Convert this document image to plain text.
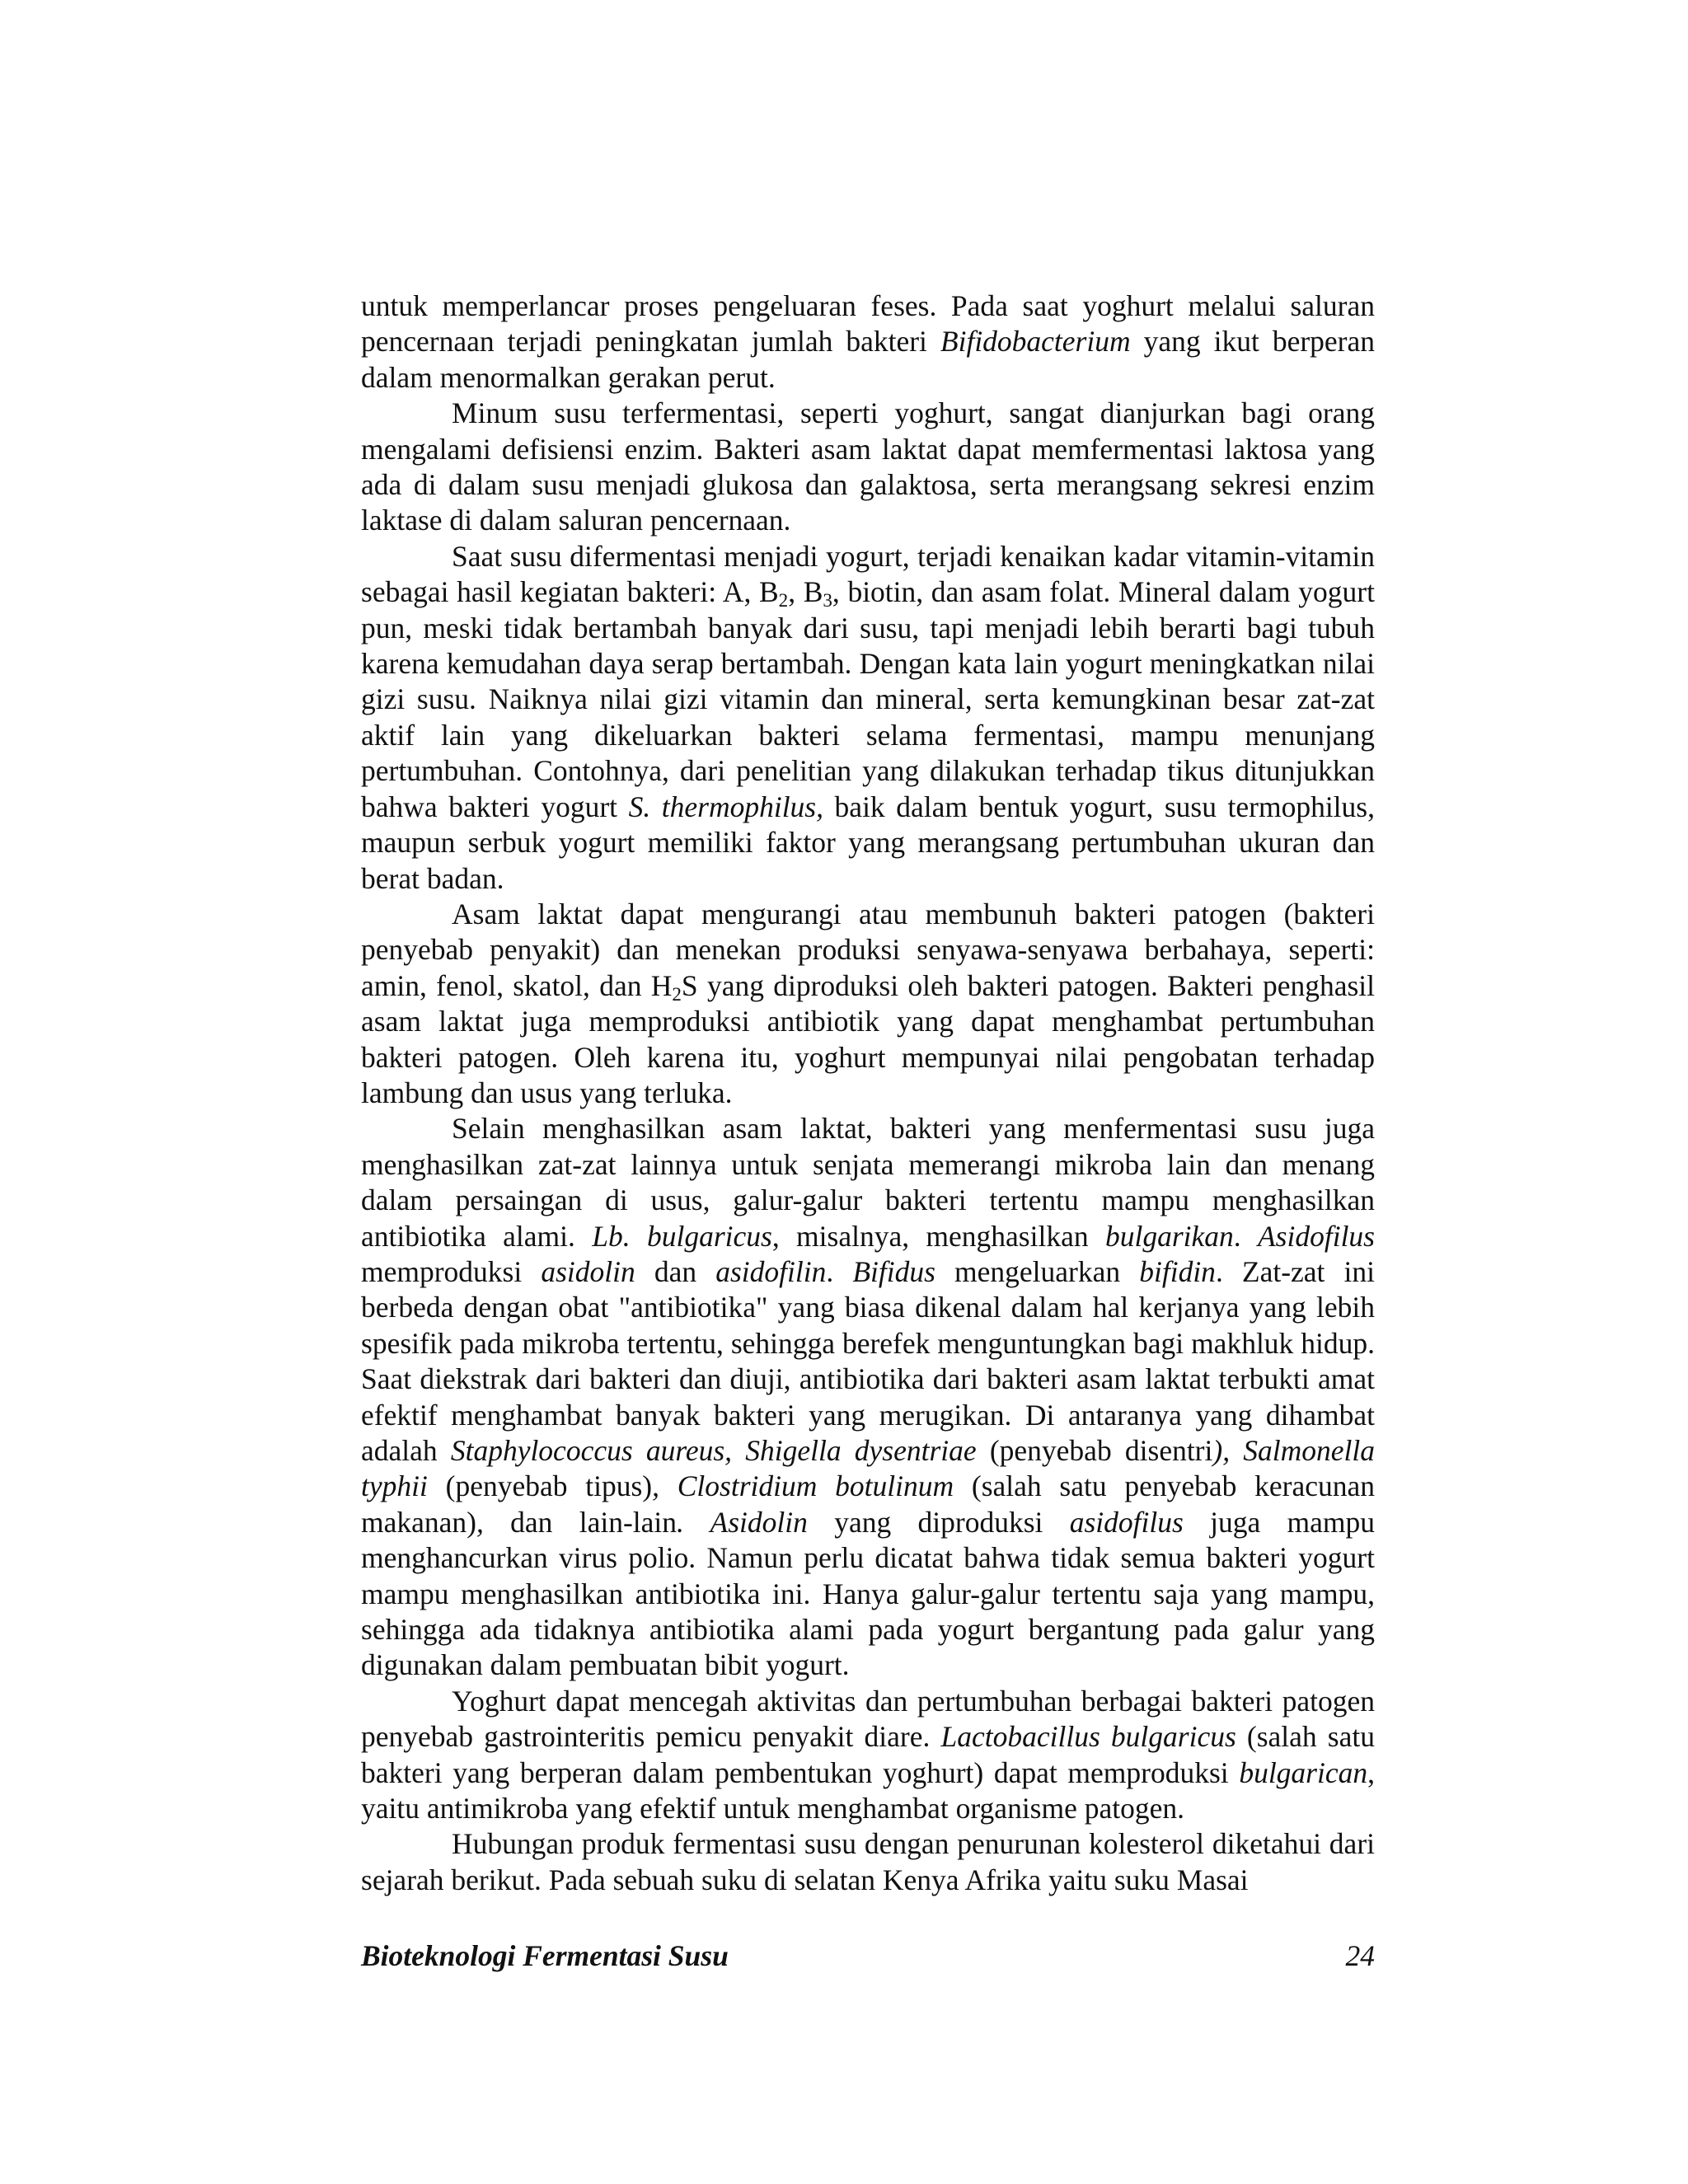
untuk memperlancar proses pengeluaran feses. Pada saat yoghurt melalui saluran pencernaan terjadi peningkatan jumlah bakteri Bifidobacterium yang ikut berperan dalam menormalkan gerakan perut.

Minum susu terfermentasi, seperti yoghurt, sangat dianjurkan bagi orang mengalami defisiensi enzim. Bakteri asam laktat dapat memfermentasi laktosa yang ada di dalam susu menjadi glukosa dan galaktosa, serta merangsang sekresi enzim laktase di dalam saluran pencernaan.

Saat susu difermentasi menjadi yogurt, terjadi kenaikan kadar vitamin-vitamin sebagai hasil kegiatan bakteri: A, $B_2$, $B_3$, biotin, dan asam folat. Mineral dalam yogurt pun, meski tidak bertambah banyak dari susu, tapi menjadi lebih berarti bagi tubuh karena kemudahan daya serap bertambah. Dengan kata lain yogurt meningkatkan nilai gizi susu. Naiknya nilai gizi vitamin dan mineral, serta kemungkinan besar zat-zat aktif lain yang dikeluarkan bakteri selama fermentasi, mampu menunjang pertumbuhan. Contohnya, dari penelitian yang dilakukan terhadap tikus ditunjukkan bahwa bakteri yogurt S. thermophilus, baik dalam bentuk yogurt, susu termophilus, maupun serbuk yogurt memiliki faktor yang merangsang pertumbuhan ukuran dan berat badan.

Asam laktat dapat mengurangi atau membunuh bakteri patogen (bakteri penyebab penyakit) dan menekan produksi senyawa-senyawa berbahaya, seperti: amin, fenol, skatol, dan $H_2S$ yang diproduksi oleh bakteri patogen. Bakteri penghasil asam laktat juga memproduksi antibiotik yang dapat menghambat pertumbuhan bakteri patogen. Oleh karena itu, yoghurt mempunyai nilai pengobatan terhadap lambung dan usus yang terluka.

Selain menghasilkan asam laktat, bakteri yang menfermentasi susu juga menghasilkan zat-zat lainnya untuk senjata memerangi mikroba lain dan menang dalam persaingan di usus, galur-galur bakteri tertentu mampu menghasilkan antibiotika alami. Lb. bulgaricus, misalnya, menghasilkan bulgarikan. Asidofilus memproduksi asidolin dan asidofilin. Bifidus mengeluarkan bifidin. Zat-zat ini berbeda dengan obat "antibiotika" yang biasa dikenal dalam hal kerjanya yang lebih spesifik pada mikroba tertentu, sehingga berefek menguntungkan bagi makhluk hidup. Saat diekstrak dari bakteri dan diuji, antibiotika dari bakteri asam laktat terbukti amat efektif menghambat banyak bakteri yang merugikan. Di antaranya yang dihambat adalah Staphylococcus aureus, Shigella dysentriae (penyebab disentri), Salmonella typhii (penyebab tipus), Clostridium botulinum (salah satu penyebab keracunan makanan), dan lain-lain. Asidolin yang diproduksi asidofilus juga mampu menghancurkan virus polio. Namun perlu dicatat bahwa tidak semua bakteri yogurt mampu menghasilkan antibiotika ini. Hanya galur-galur tertentu saja yang mampu, sehingga ada tidaknya antibiotika alami pada yogurt bergantung pada galur yang digunakan dalam pembuatan bibit yogurt.

Yoghurt dapat mencegah aktivitas dan pertumbuhan berbagai bakteri patogen penyebab gastrointeritis pemicu penyakit diare. Lactobacillus bulgaricus (salah satu bakteri yang berperan dalam pembentukan yoghurt) dapat memproduksi bulgarican, yaitu antimikroba yang efektif untuk menghambat organisme patogen.

Hubungan produk fermentasi susu dengan penurunan kolesterol diketahui dari sejarah berikut. Pada sebuah suku di selatan Kenya Afrika yaitu suku Masai

Bioteknologi Fermentasi Susu	24
